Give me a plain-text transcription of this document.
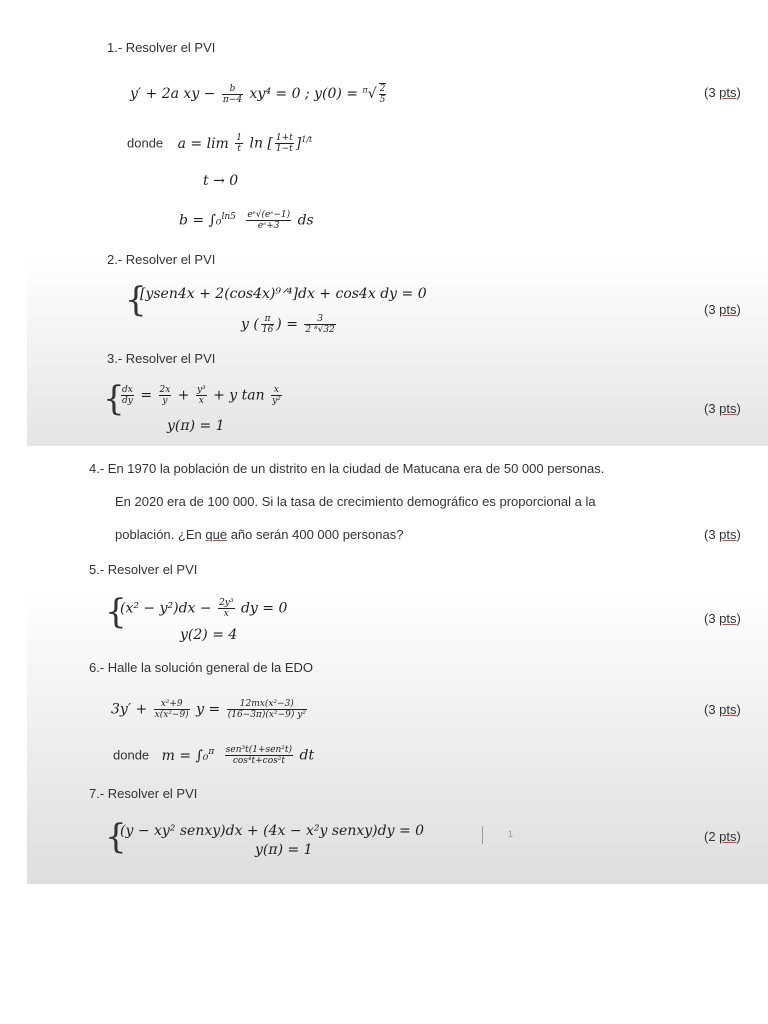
1.- Resolver el PVI
y′ + 2a xy − $\frac{b}{\pi-4} xy^4 = 0$ ; $y(0) = ^\pi√ \frac{2}{5}$	(3 pts)
donde $a = \lim \frac{1}{t}$ ln [ $\frac{1+t}{1-t} ]^{1/t}$
t → 0
$b = \int_0^{ln5} \frac{\text{eˢ√(eˢ−1)}}{\text{eˢ+3}}$ ds
2.- Resolver el PVI
{
[ysen4x + 2(cos4x)⁹ᐟ⁴]dx + cos4x dy = 0
y ( $\frac{\pi}{16}$ ) = $\frac{3}{\text{2 ⁸√32}}$
(3 pts)
3.- Resolver el PVI
{
$\frac{dx}{dy} = \frac{2x}{y} + \frac{\text{y³}}{x} + y$ $\tan \frac{x}{\text{y²}}$
y(π) = 1
(3 pts)
4.- En 1970 la población de un distrito en la ciudad de Matucana era de 50 000 personas.
En 2020 era de 100 000. Si la tasa de crecimiento demográfico es proporcional a la
población. ¿En que año serán 400 000 personas?	(3 pts)
5.- Resolver el PVI
{
$(x^2 - y^2)dx - \frac{\text{2y³}}{x}$ dy = 0
y(2) = 4
(3 pts)
6.- Halle la solución general de la EDO
$3y' + \frac{\text{x²+9}}{\text{x(x²−9)}}$ $y = \frac{\text{12mx(x²−3)}}{\text{(16−3π)(x²−9) y²}}$	(3 pts)
donde $m = \int_0^\pi \frac{\text{sen³t(1+sen²t)}}{\text{cos⁴t+cos²t}}$ dt
7.- Resolver el PVI
{
(y − xy² senxy)dx + (4x − x²y senxy)dy = 0
y(π) = 1
1	(2 pts)
